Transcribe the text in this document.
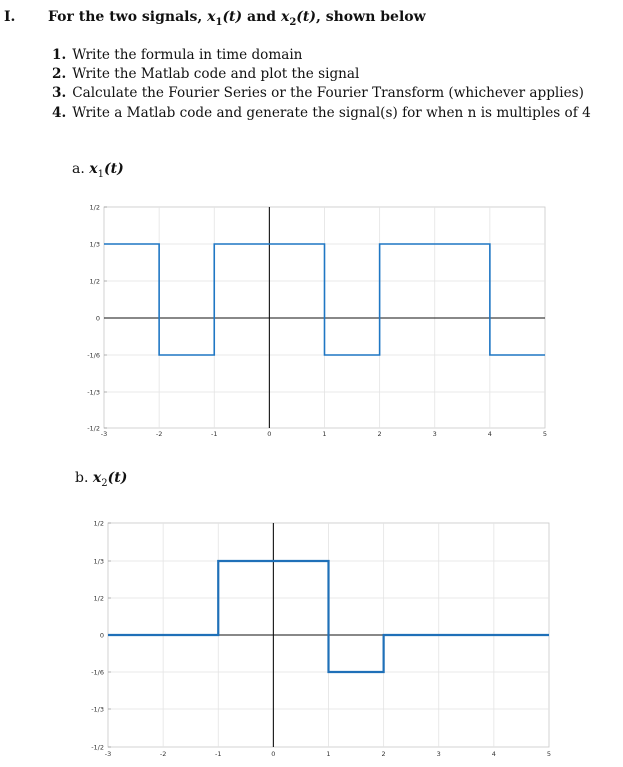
I. For the two signals, $x_1(t)$ and $x_2(t)$, shown below
1. Write the formula in time domain
2. Write the Matlab code and plot the signal
3. Calculate the Fourier Series or the Fourier Transform (whichever applies)
4. Write a Matlab code and generate the signal(s) for when n is multiples of 4
a. $x_1(t)$
-3	-2	-1	0	1	2	3	4	5
1/2
1/3
1/2
0
-1/6
-1/3
-1/2
b. $x_2(t)$
-3	-2	-1	0	1	2	3	4	5
1/2
1/3
1/2
0
-1/6
-1/3
-1/2
